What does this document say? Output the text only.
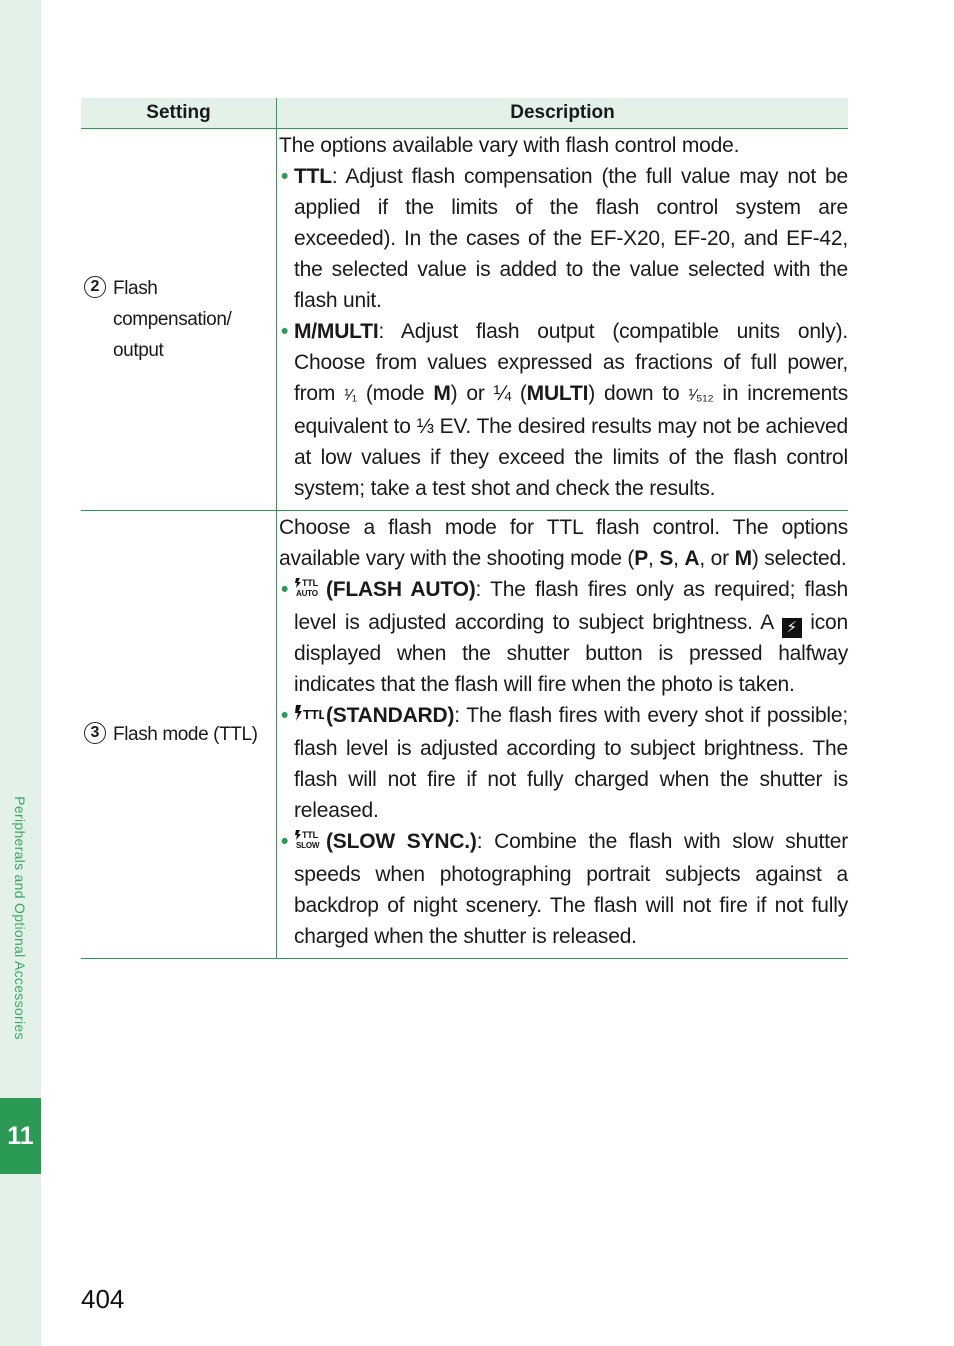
Peripherals and Optional Accessories
11
Setting	Description
2 Flash compensation/ output
The options available vary with flash control mode.
• TTL: Adjust flash compensation (the full value may not be applied if the limits of the flash control system are exceeded). In the cases of the EF-X20, EF-20, and EF-42, the selected value is added to the value selected with the flash unit.
• M/MULTI: Adjust flash output (compatible units only). Choose from values expressed as fractions of full power, from ¹⁄₁ (mode M) or ¼ (MULTI) down to ¹⁄₅₁₂ in increments equivalent to ⅓ EV. The desired results may not be achieved at low values if they exceed the limits of the flash control system; take a test shot and check the results.
3 Flash mode (TTL)
Choose a flash mode for TTL flash control. The options available vary with the shooting mode (P, S, A, or M) selected.
• TTL
AUTO (FLASH AUTO): The flash fires only as required; flash level is adjusted according to subject brightness. A ⚡ icon displayed when the shutter button is pressed halfway indicates that the flash will fire when the photo is taken.
• TTL (STANDARD): The flash fires with every shot if possible; flash level is adjusted according to subject brightness. The flash will not fire if not fully charged when the shutter is released.
• TTL
SLOW (SLOW SYNC.): Combine the flash with slow shutter speeds when photographing portrait subjects against a backdrop of night scenery. The flash will not fire if not fully charged when the shutter is released.
404
